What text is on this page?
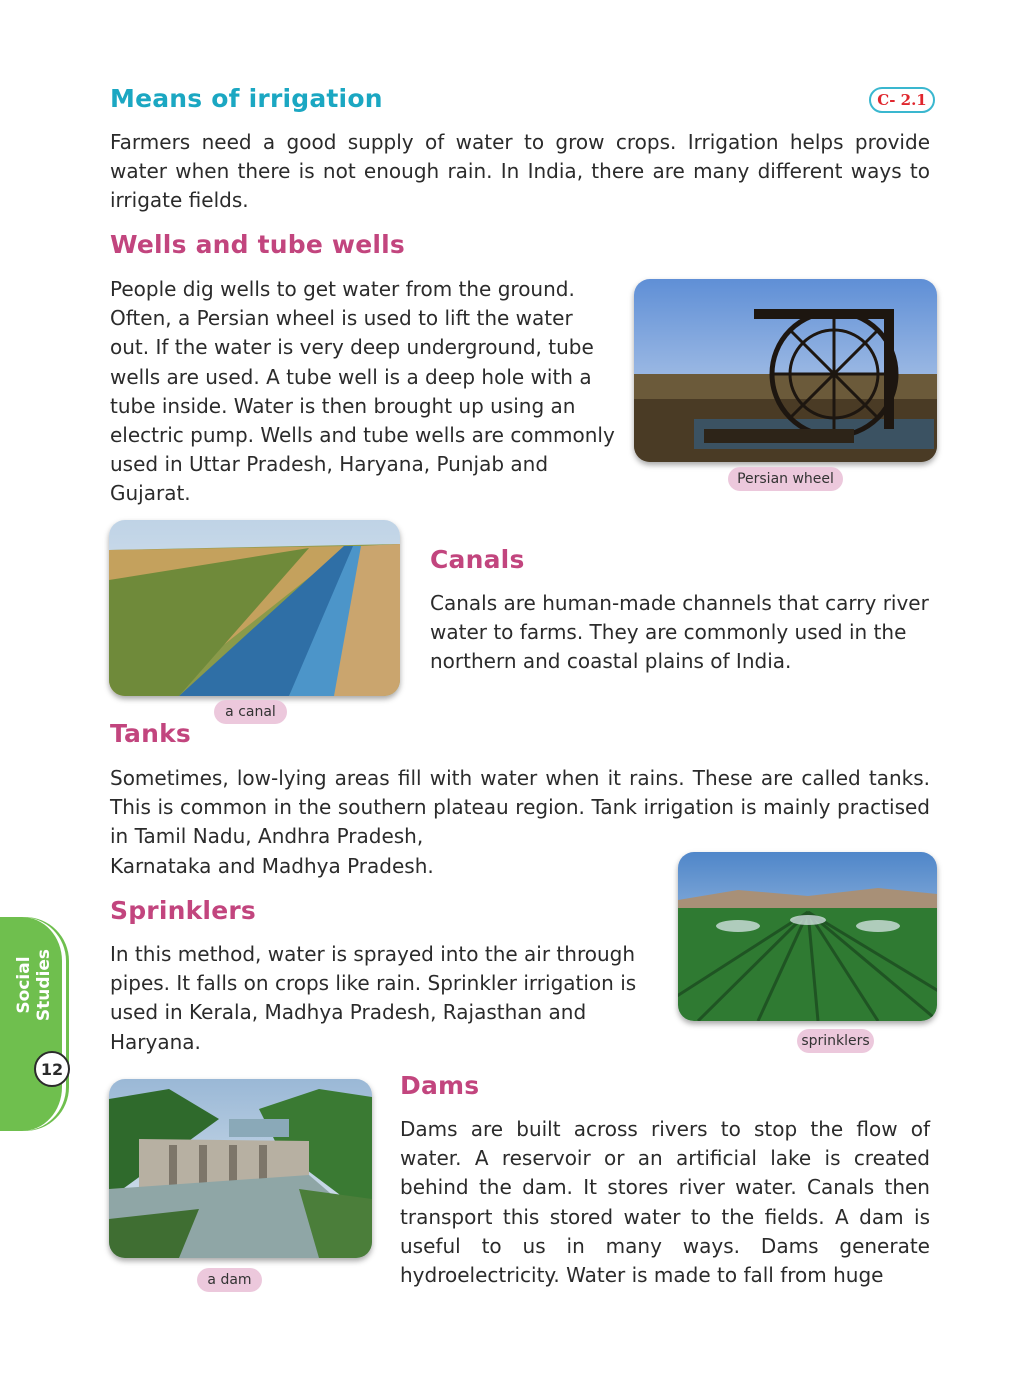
Means of irrigation	C- 2.1

Farmers need a good supply of water to grow crops. Irrigation helps provide water when there is not enough rain. In India, there are many different ways to irrigate fields.

Wells and tube wells

People dig wells to get water from the ground. Often, a Persian wheel is used to lift the water out. If the water is very deep underground, tube wells are used. A tube well is a deep hole with a tube inside. Water is then brought up using an electric pump. Wells and tube wells are commonly used in Uttar Pradesh, Haryana, Punjab and Gujarat.

Persian wheel
a canal
Canals

Canals are human-made channels that carry river water to farms. They are commonly used in the northern and coastal plains of India.

Tanks

Sometimes, low-lying areas fill with water when it rains. These are called tanks. This is common in the southern plateau region. Tank irrigation is mainly practised in Tamil Nadu, Andhra Pradesh,

Karnataka and Madhya Pradesh.

sprinklers
Sprinklers

In this method, water is sprayed into the air through pipes. It falls on crops like rain. Sprinkler irrigation is used in Kerala, Madhya Pradesh, Rajasthan and Haryana.

a dam
Dams

Dams are built across rivers to stop the flow of water. A reservoir or an artificial lake is created behind the dam. It stores river water. Canals then transport this stored water to the fields. A dam is useful to us in many ways. Dams generate hydroelectricity. Water is made to fall from huge

Social Studies
12
